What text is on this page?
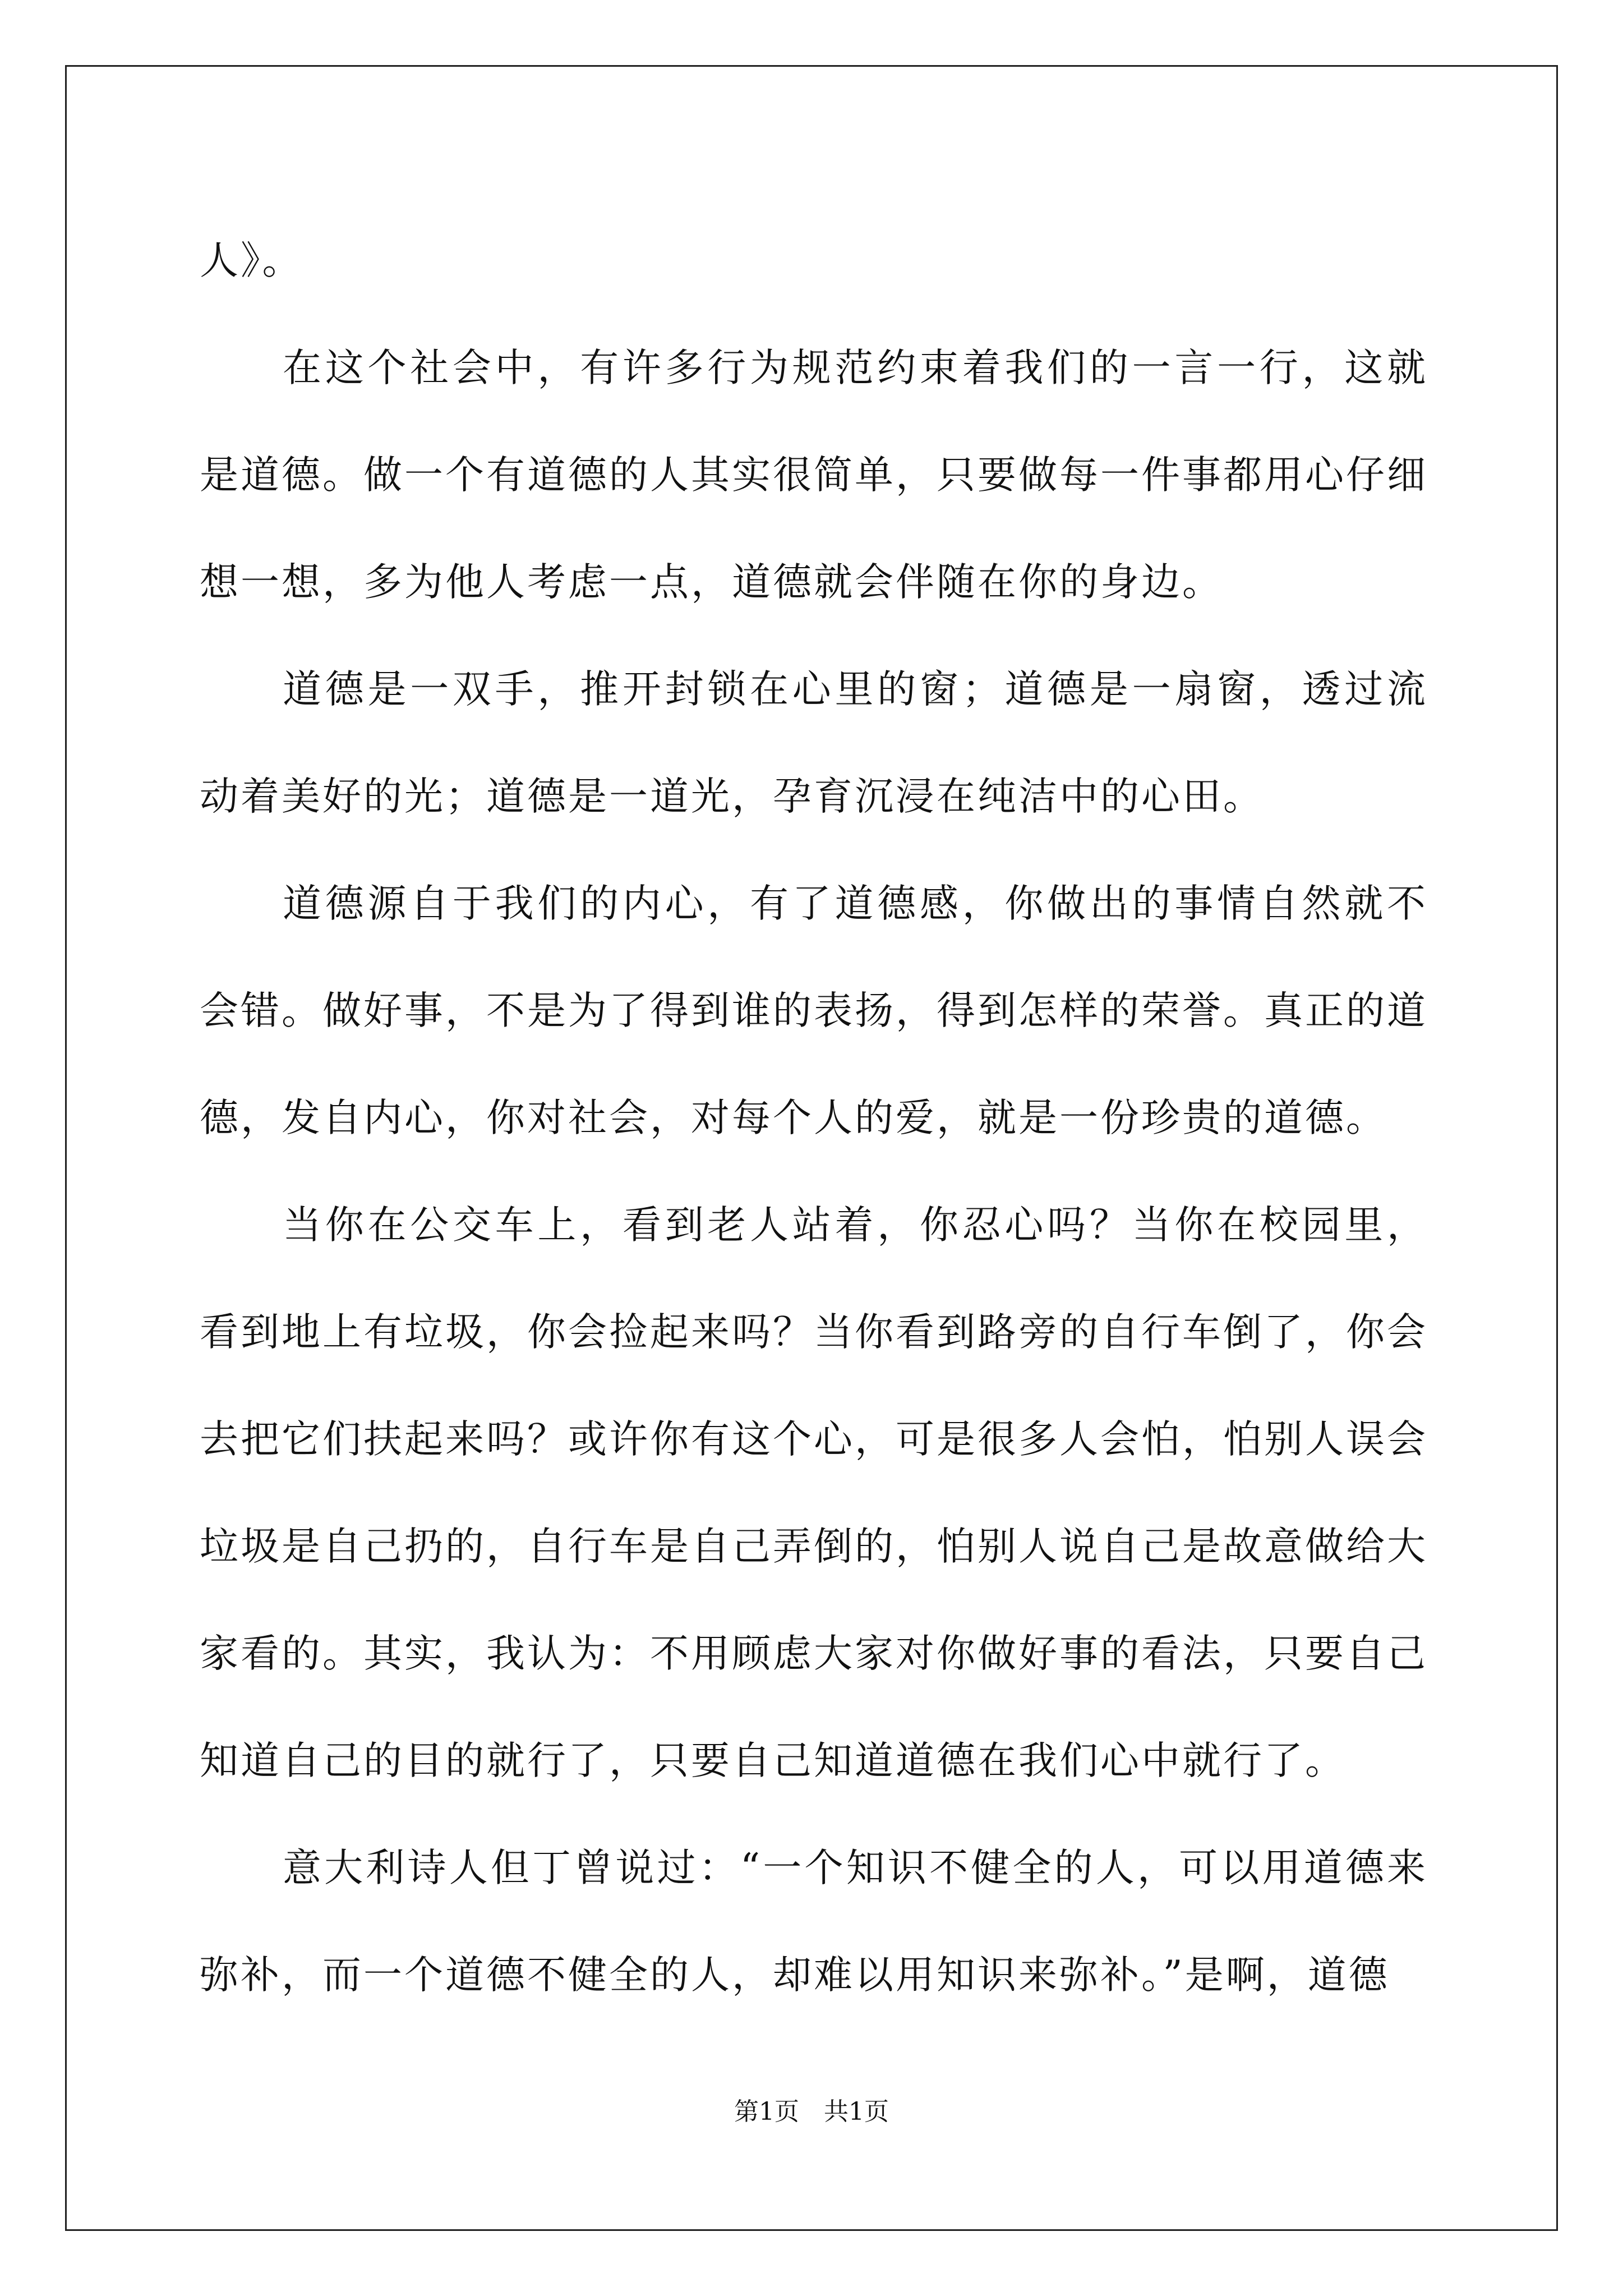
人》。

在这个社会中，有许多行为规范约束着我们的一言一行，这就是道德。做一个有道德的人其实很简单，只要做每一件事都用心仔细想一想，多为他人考虑一点，道德就会伴随在你的身边。

道德是一双手，推开封锁在心里的窗；道德是一扇窗，透过流动着美好的光；道德是一道光，孕育沉浸在纯洁中的心田。

道德源自于我们的内心，有了道德感，你做出的事情自然就不会错。做好事，不是为了得到谁的表扬，得到怎样的荣誉。真正的道德，发自内心，你对社会，对每个人的爱，就是一份珍贵的道德。

当你在公交车上，看到老人站着，你忍心吗？当你在校园里，看到地上有垃圾，你会捡起来吗？当你看到路旁的自行车倒了，你会去把它们扶起来吗？或许你有这个心，可是很多人会怕，怕别人误会垃圾是自己扔的，自行车是自己弄倒的，怕别人说自己是故意做给大家看的。其实，我认为：不用顾虑大家对你做好事的看法，只要自己知道自己的目的就行了，只要自己知道道德在我们心中就行了。

意大利诗人但丁曾说过：“一个知识不健全的人，可以用道德来弥补，而一个道德不健全的人，却难以用知识来弥补。”是啊，道德

第1页 共1页
